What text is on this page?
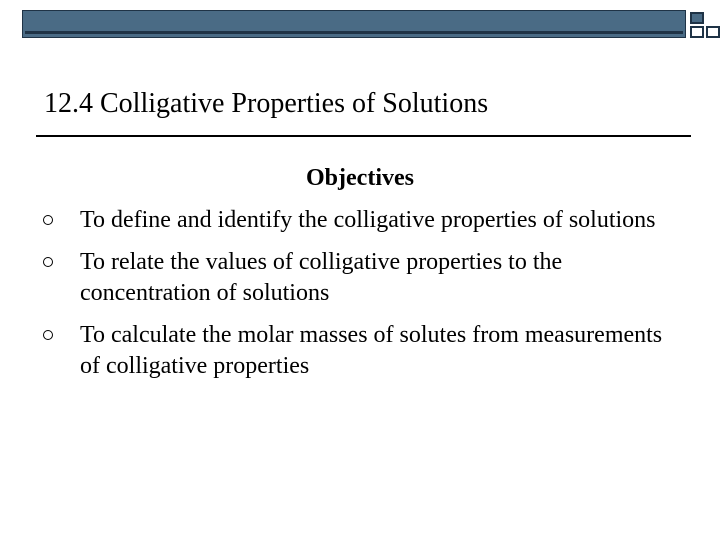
12.4 Colligative Properties of Solutions
Objectives
To define and identify the colligative properties of solutions
To relate the values of colligative properties to the concentration of solutions
To calculate the molar masses of solutes from measurements of colligative properties
